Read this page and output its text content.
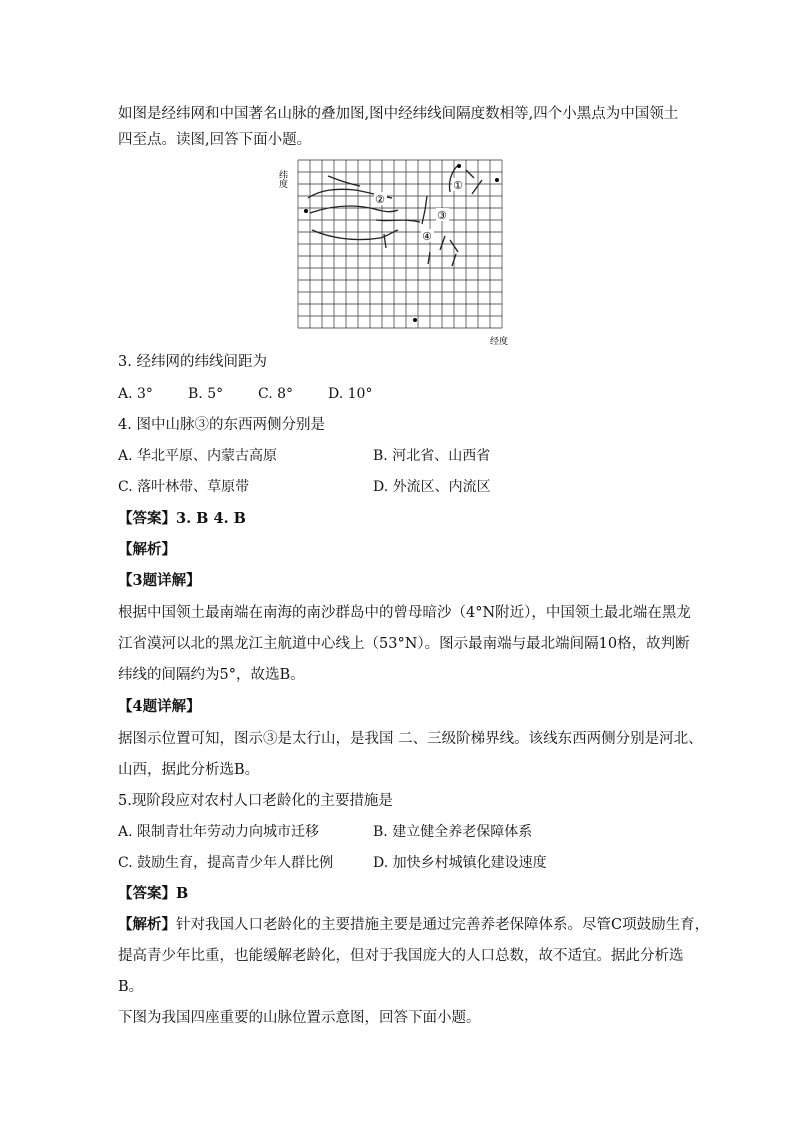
如图是经纬网和中国著名山脉的叠加图,图中经纬线间隔度数相等,四个小黑点为中国领土
四至点。读图,回答下面小题。
纬度	①
②
③
④
经度
3. 经纬网的纬线间距为
A. 3°	B. 5° C. 8° D. 10°
4. 图中山脉③的东西两侧分别是
A. 华北平原、内蒙古高原	B. 河北省、山西省
C. 落叶林带、草原带	D. 外流区、内流区
【答案】3. B 4. B
【解析】
【3题详解】
根据中国领土最南端在南海的南沙群岛中的曾母暗沙（4°N附近），中国领土最北端在黑龙
江省漠河以北的黑龙江主航道中心线上（53°N）。图示最南端与最北端间隔10格，故判断
纬线的间隔约为5°，故选B。
【4题详解】
据图示位置可知，图示③是太行山，是我国 二、三级阶梯界线。该线东西两侧分别是河北、
山西，据此分析选B。
5.现阶段应对农村人口老龄化的主要措施是
A. 限制青壮年劳动力向城市迁移	B. 建立健全养老保障体系
C. 鼓励生育，提高青少年人群比例	D. 加快乡村城镇化建设速度
【答案】B
【解析】针对我国人口老龄化的主要措施主要是通过完善养老保障体系。尽管C项鼓励生育，
提高青少年比重，也能缓解老龄化，但对于我国庞大的人口总数，故不适宜。据此分析选
B。
下图为我国四座重要的山脉位置示意图，回答下面小题。
